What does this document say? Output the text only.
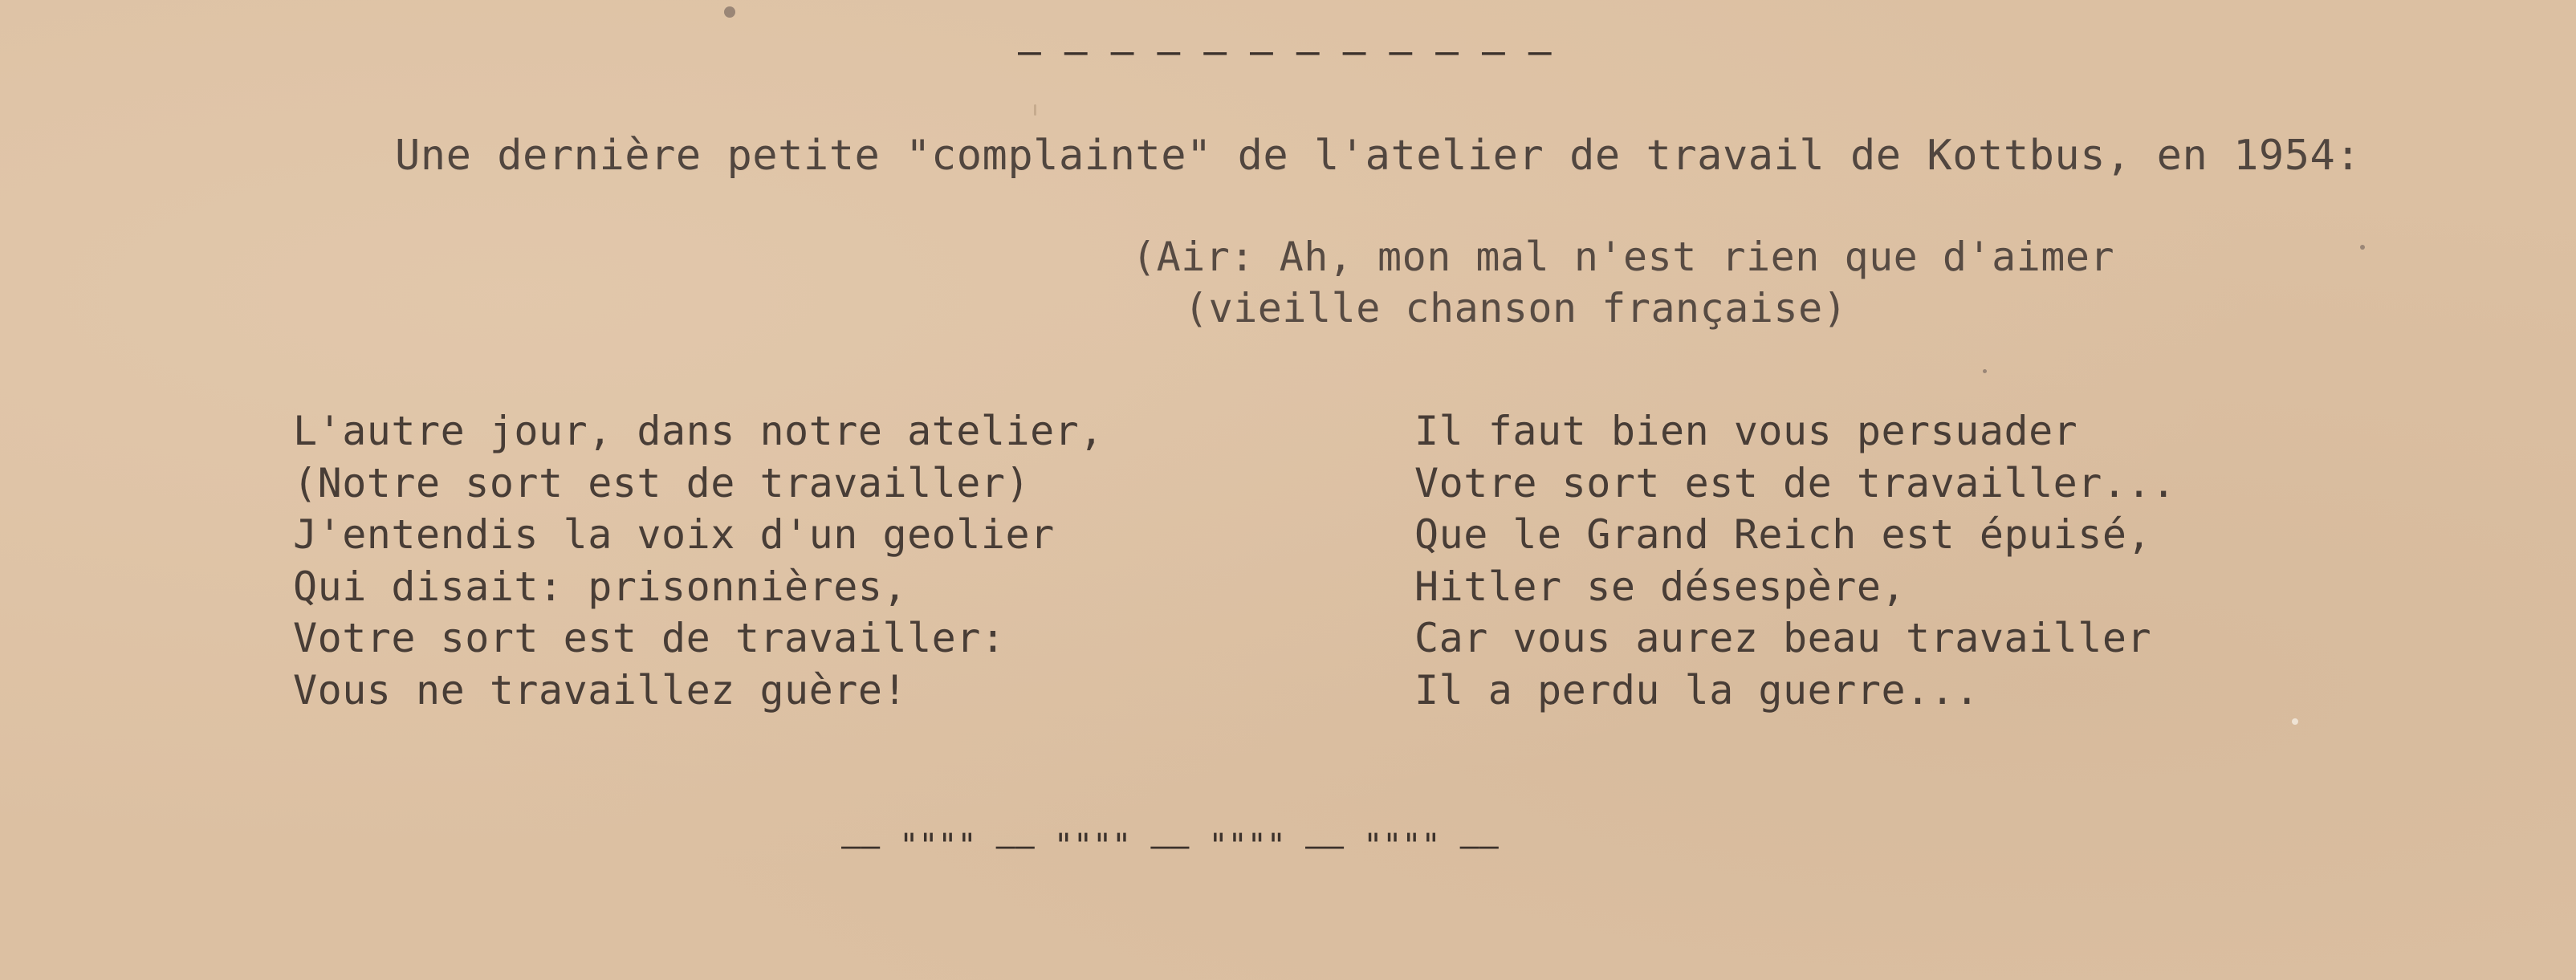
— — — — — — — — — — — —
Une dernière petite "complainte" de l'atelier de travail de Kottbus, en 1954:
(Air: Ah, mon mal n'est rien que d'aimer
(vieille chanson française)
L'autre jour, dans notre atelier,
(Notre sort est de travailler)
J'entendis la voix d'un geolier
Qui disait: prisonnières,
Votre sort est de travailler:
Vous ne travaillez guère!
Il faut bien vous persuader
Votre sort est de travailler...
Que le Grand Reich est épuisé,
Hitler se désespère,
Car vous aurez beau travailler
Il a perdu la guerre...
—— """" —— """" —— """" —— """" ——
